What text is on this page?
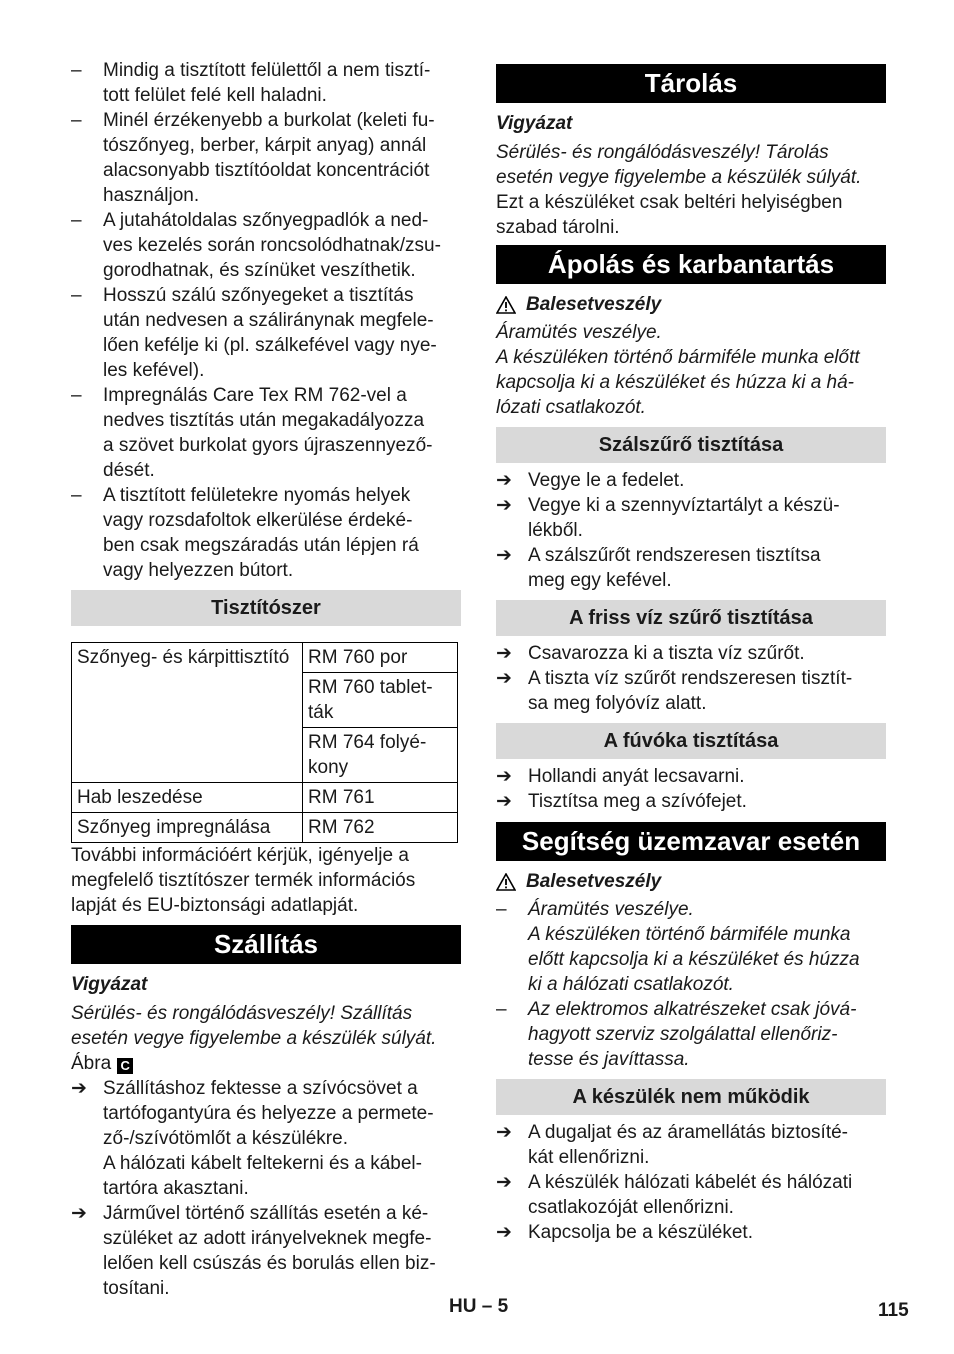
–	Mindig a tisztított felülettől a nem tisztí-

tott felület felé kell haladni.

–	Minél érzékenyebb a burkolat (keleti fu-

tószőnyeg, berber, kárpit anyag) annál

alacsonyabb tisztítóoldat koncentrációt

használjon.

–	A jutahátoldalas szőnyegpadlók a ned-

ves kezelés során roncsolódhatnak/zsu-

gorodhatnak, és színüket veszíthetik.

–	Hosszú szálú szőnyegeket a tisztítás

után nedvesen a száliránynak megfele-

lően kefélje ki (pl. szálkefével vagy nye-

les kefével).

–	Impregnálás Care Tex RM 762-vel a

nedves tisztítás után megakadályozza

a szövet burkolat gyors újraszennyező-

dését.

–	A tisztított felületekre nyomás helyek

vagy rozsdafoltok elkerülése érdeké-

ben csak megszáradás után lépjen rá

vagy helyezzen bútort.

Tisztítószer
Szőnyeg- és kárpittisztító	RM 760 por
	RM 760 tablet-
ták
	RM 764 folyé-
kony
Hab leszedése	RM 761
Szőnyeg impregnálása	RM 762

További információért kérjük, igényelje a

megfelelő tisztítószer termék információs

lapját és EU-biztonsági adatlapját.

Szállítás

Vigyázat

Sérülés- és rongálódásveszély! Szállítás

esetén vegye figyelembe a készülék súlyát.

Ábra C

➔ Szállításhoz fektesse a szívócsövet a

tartófogantyúra és helyezze a permete-

ző-/szívótömlőt a készülékre.

A hálózati kábelt feltekerni és a kábel-

tartóra akasztani.

➔ Járművel történő szállítás esetén a ké-

szüléket az adott irányelveknek megfe-

lelően kell csúszás és borulás ellen biz-

tosítani.

Tárolás

Vigyázat

Sérülés- és rongálódásveszély! Tárolás

esetén vegye figyelembe a készülék súlyát.

Ezt a készüléket csak beltéri helyiségben

szabad tárolni.

Ápolás és karbantartás
Balesetveszély

Áramütés veszélye.

A készüléken történő bármiféle munka előtt

kapcsolja ki a készüléket és húzza ki a há-

lózati csatlakozót.

Szálszűrő tisztítása
➔ Vegye le a fedelet.

➔ Vegye ki a szennyvíztartályt a készü-

lékből.

➔ A szálszűrőt rendszeresen tisztítsa

meg egy kefével.

A friss víz szűrő tisztítása
➔ Csavarozza ki a tiszta víz szűrőt.

➔ A tiszta víz szűrőt rendszeresen tisztít-

sa meg folyóvíz alatt.

A fúvóka tisztítása
➔ Hollandi anyát lecsavarni.

➔ Tisztítsa meg a szívófejet.

Segítség üzemzavar esetén
Balesetveszély
–	Áramütés veszélye.

A készüléken történő bármiféle munka

előtt kapcsolja ki a készüléket és húzza

ki a hálózati csatlakozót.

–	Az elektromos alkatrészeket csak jóvá-

hagyott szerviz szolgálattal ellenőriz-

tesse és javíttassa.

A készülék nem működik
➔ A dugaljat és az áramellátás biztosíté-

kát ellenőrizni.

➔ A készülék hálózati kábelét és hálózati

csatlakozóját ellenőrizni.

➔ Kapcsolja be a készüléket.

HU – 5	115
